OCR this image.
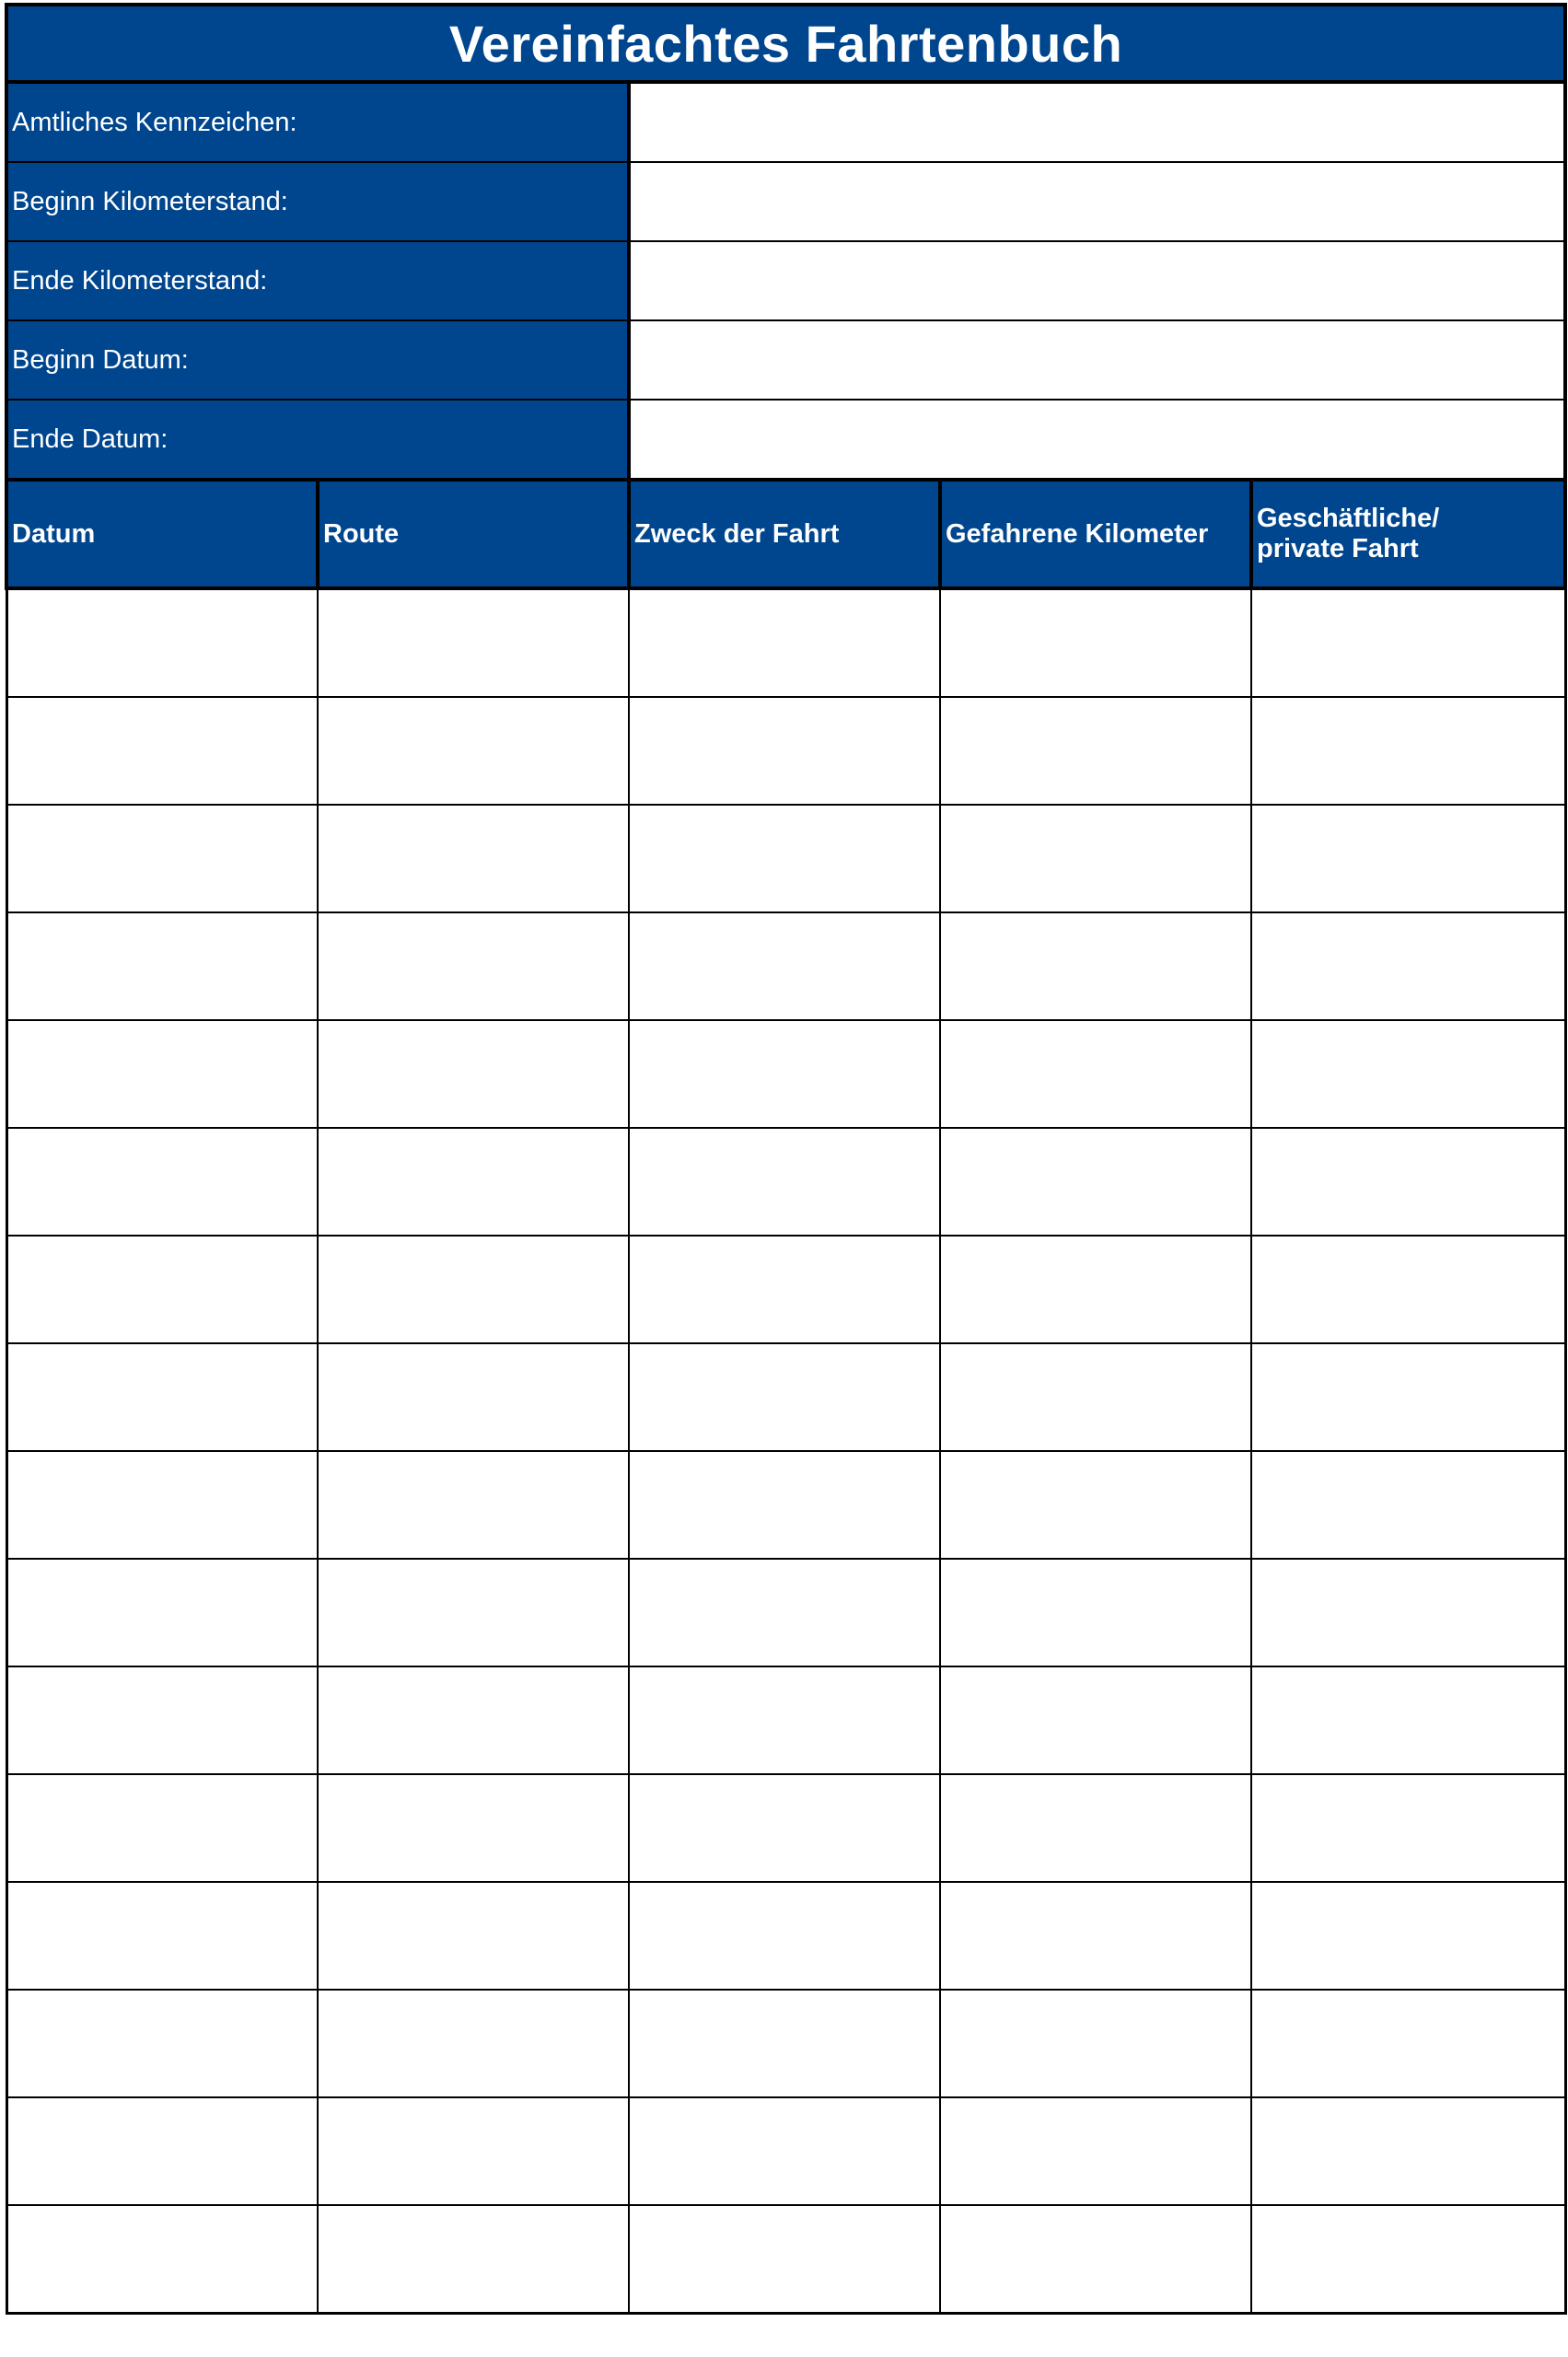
Vereinfachtes Fahrtenbuch				
Amtliches Kennzeichen:				
Beginn Kilometerstand:				
Ende Kilometerstand:				
Beginn Datum:				
Ende Datum:				
Datum	Route	Zweck der Fahrt	Gefahrene Kilometer	Geschäftliche/
private Fahrt
